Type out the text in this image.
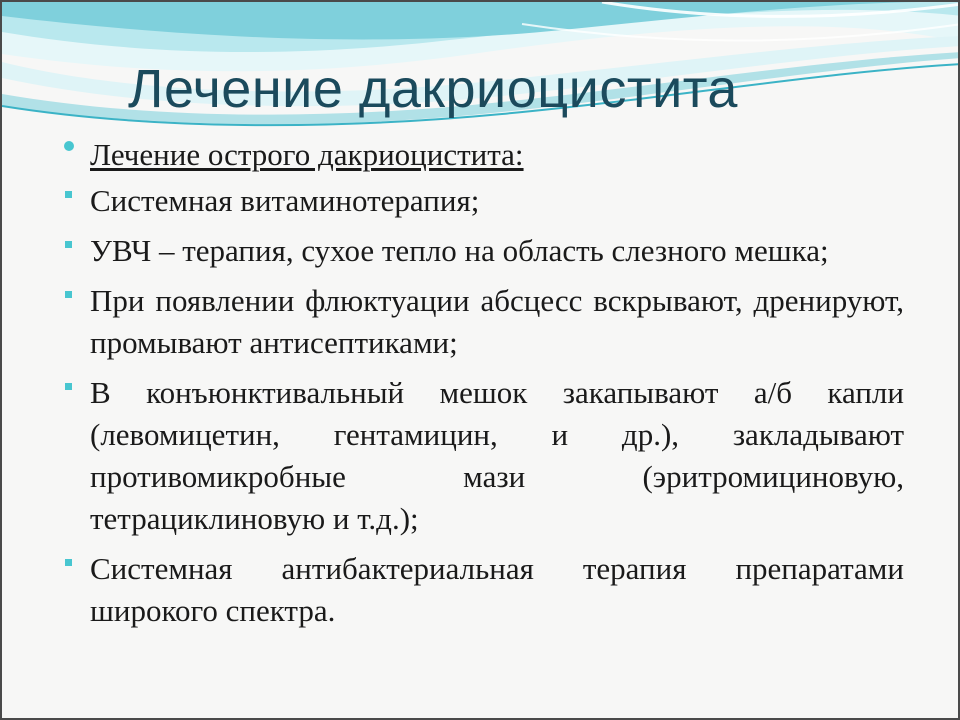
Лечение дакриоцистита
Лечение острого дакриоцистита:
Системная витаминотерапия;
УВЧ – терапия, сухое тепло на область слезного мешка;
При появлении флюктуации абсцесс вскрывают, дренируют, промывают антисептиками;
В конъюнктивальный мешок закапывают а/б капли (левомицетин, гентамицин, и др.), закладывают противомикробные мази (эритромициновую, тетрациклиновую и т.д.);
Системная антибактериальная терапия препаратами широкого спектра.
